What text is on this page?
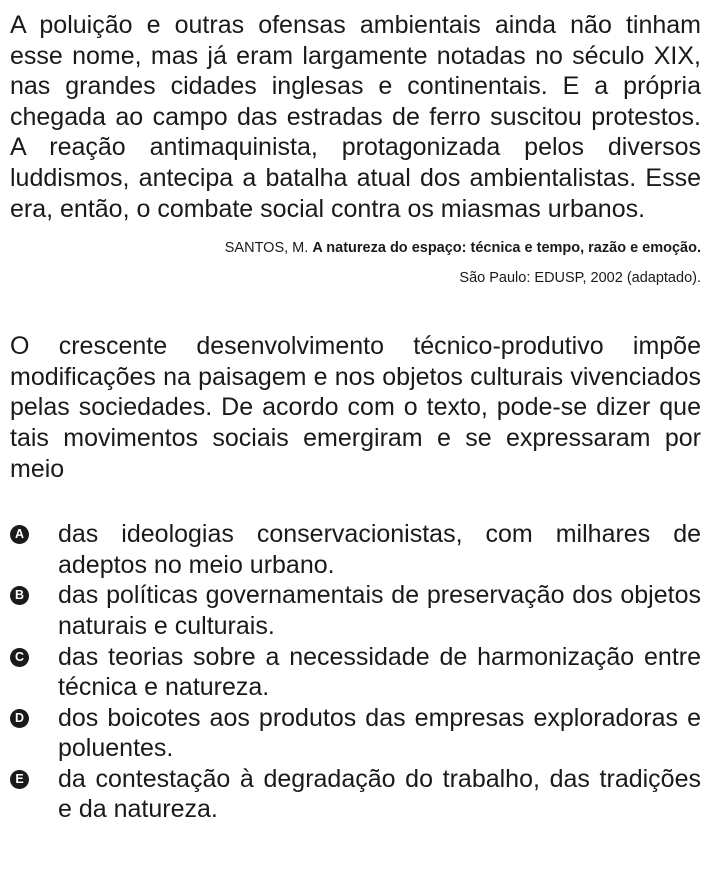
A poluição e outras ofensas ambientais ainda não tinham esse nome, mas já eram largamente notadas no século XIX, nas grandes cidades inglesas e continentais. E a própria chegada ao campo das estradas de ferro suscitou protestos. A reação antimaquinista, protagonizada pelos diversos luddismos, antecipa a batalha atual dos ambientalistas. Esse era, então, o combate social contra os miasmas urbanos.

SANTOS, M. A natureza do espaço: técnica e tempo, razão e emoção.
São Paulo: EDUSP, 2002 (adaptado).

O crescente desenvolvimento técnico-produtivo impõe modificações na paisagem e nos objetos culturais vivenciados pelas sociedades. De acordo com o texto, pode-se dizer que tais movimentos sociais emergiram e se expressaram por meio

A das ideologias conservacionistas, com milhares de adeptos no meio urbano.
B das políticas governamentais de preservação dos objetos naturais e culturais.
C das teorias sobre a necessidade de harmonização entre técnica e natureza.
D dos boicotes aos produtos das empresas exploradoras e poluentes.
E da contestação à degradação do trabalho, das tradições e da natureza.
